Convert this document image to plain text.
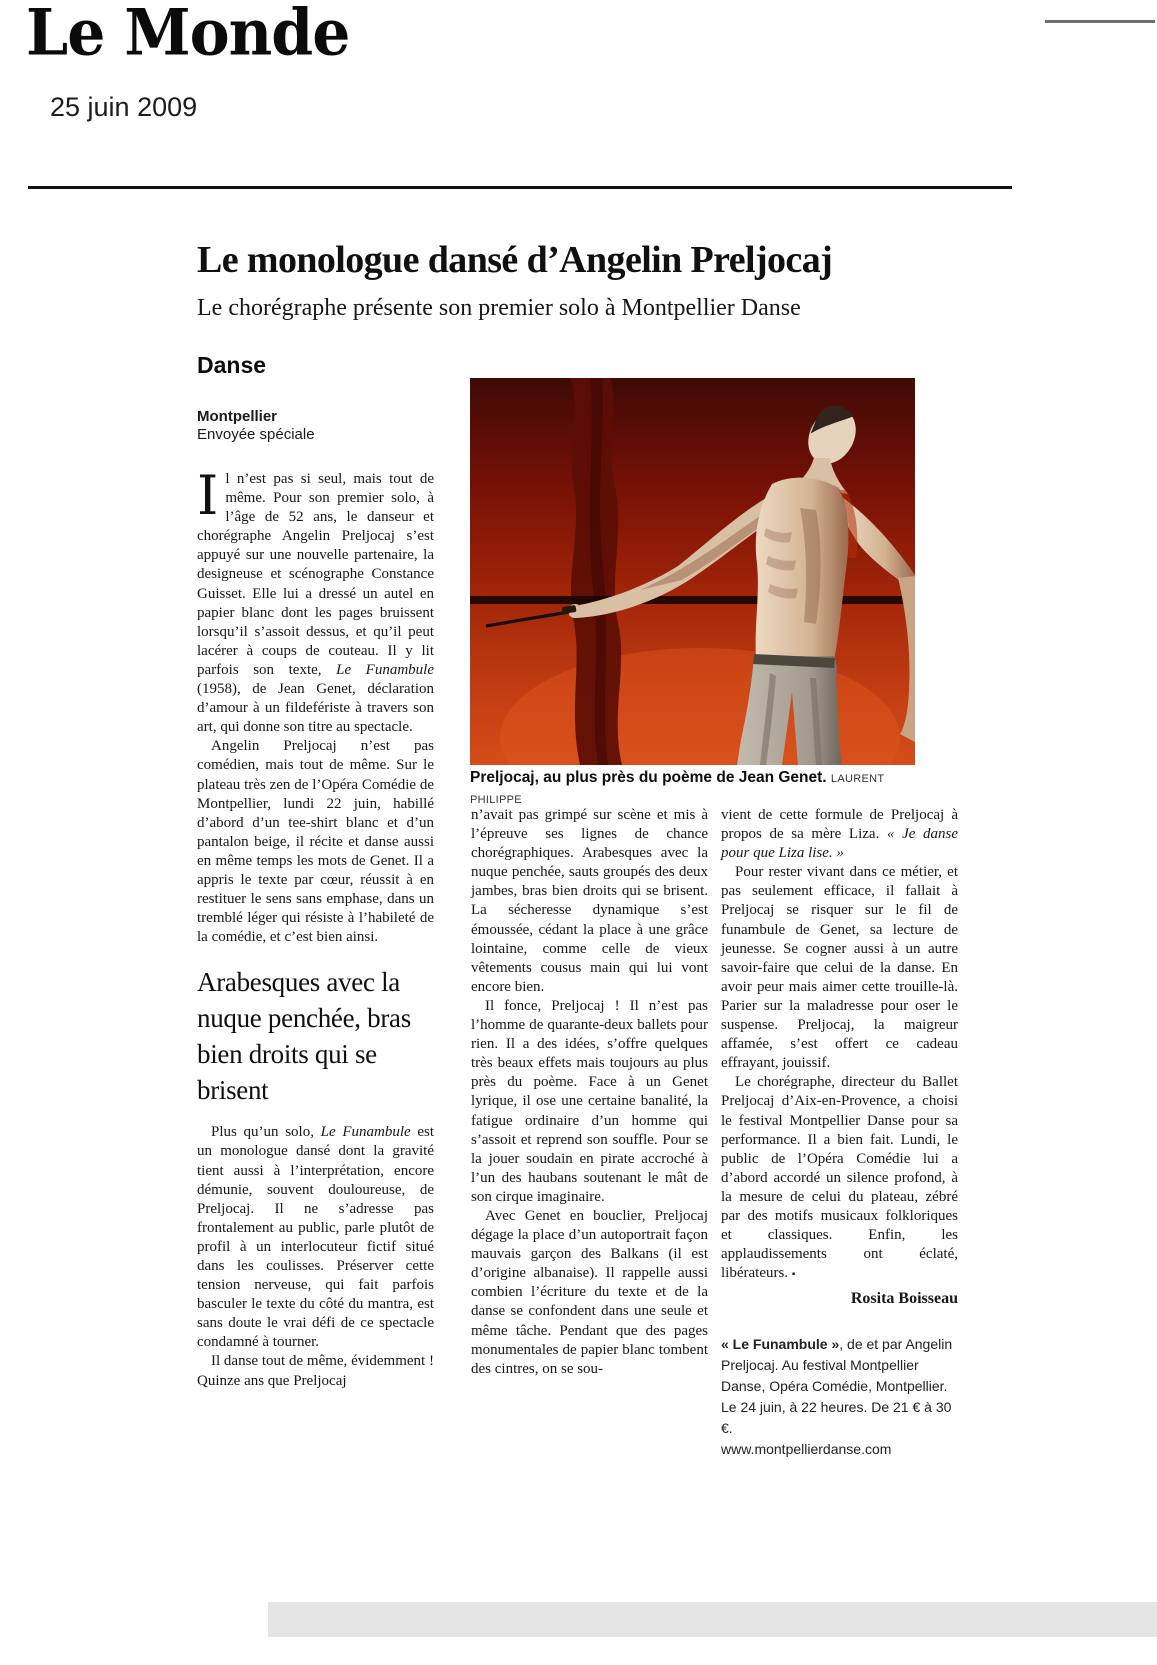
Le Monde
25 juin 2009
Le monologue dansé d’Angelin Preljocaj
Le chorégraphe présente son premier solo à Montpellier Danse
Danse
Montpellier
Envoyée spéciale

Il n’est pas si seul, mais tout de même. Pour son premier solo, à l’âge de 52 ans, le danseur et chorégraphe Angelin Preljocaj s’est appuyé sur une nouvelle partenaire, la designeuse et scénographe Constance Guisset. Elle lui a dressé un autel en papier blanc dont les pages bruissent lorsqu’il s’assoit dessus, et qu’il peut lacérer à coups de couteau. Il y lit parfois son texte, Le Funambule (1958), de Jean Genet, déclaration d’amour à un fildefériste à travers son art, qui donne son titre au spectacle.

Angelin Preljocaj n’est pas comédien, mais tout de même. Sur le plateau très zen de l’Opéra Comédie de Montpellier, lundi 22 juin, habillé d’abord d’un tee-shirt blanc et d’un pantalon beige, il récite et danse aussi en même temps les mots de Genet. Il a appris le texte par cœur, réussit à en restituer le sens sans emphase, dans un tremblé léger qui résiste à l’habileté de la comédie, et c’est bien ainsi.

Arabesques avec la nuque penchée, bras bien droits qui se brisent

Plus qu’un solo, Le Funambule est un monologue dansé dont la gravité tient aussi à l’interprétation, encore démunie, souvent douloureuse, de Preljocaj. Il ne s’adresse pas frontalement au public, parle plutôt de profil à un interlocuteur fictif situé dans les coulisses. Préserver cette tension nerveuse, qui fait parfois basculer le texte du côté du mantra, est sans doute le vrai défi de ce spectacle condamné à tourner.

Il danse tout de même, évidemment ! Quinze ans que Preljocaj

Preljocaj, au plus près du poème de Jean Genet. LAURENT PHILIPPE

n’avait pas grimpé sur scène et mis à l’épreuve ses lignes de chance chorégraphiques. Arabesques avec la nuque penchée, sauts groupés des deux jambes, bras bien droits qui se brisent. La sécheresse dynamique s’est émoussée, cédant la place à une grâce lointaine, comme celle de vieux vêtements cousus main qui lui vont encore bien.

Il fonce, Preljocaj ! Il n’est pas l’homme de quarante-deux ballets pour rien. Il a des idées, s’offre quelques très beaux effets mais toujours au plus près du poème. Face à un Genet lyrique, il ose une certaine banalité, la fatigue ordinaire d’un homme qui s’assoit et reprend son souffle. Pour se la jouer soudain en pirate accroché à l’un des haubans soutenant le mât de son cirque imaginaire.

Avec Genet en bouclier, Preljocaj dégage la place d’un autoportrait façon mauvais garçon des Balkans (il est d’origine albanaise). Il rappelle aussi combien l’écriture du texte et de la danse se confondent dans une seule et même tâche. Pendant que des pages monumentales de papier blanc tombent des cintres, on se sou-

vient de cette formule de Preljocaj à propos de sa mère Liza. « Je danse pour que Liza lise. »

Pour rester vivant dans ce métier, et pas seulement efficace, il fallait à Preljocaj se risquer sur le fil de funambule de Genet, sa lecture de jeunesse. Se cogner aussi à un autre savoir-faire que celui de la danse. En avoir peur mais aimer cette trouille-là. Parier sur la maladresse pour oser le suspense. Preljocaj, la maigreur affamée, s’est offert ce cadeau effrayant, jouissif.

Le chorégraphe, directeur du Ballet Preljocaj d’Aix-en-Provence, a choisi le festival Montpellier Danse pour sa performance. Il a bien fait. Lundi, le public de l’Opéra Comédie lui a d’abord accordé un silence profond, à la mesure de celui du plateau, zébré par des motifs musicaux folkloriques et classiques. Enfin, les applaudissements ont éclaté, libérateurs. ▪

Rosita Boisseau

« Le Funambule », de et par Angelin Preljocaj. Au festival Montpellier Danse, Opéra Comédie, Montpellier. Le 24 juin, à 22 heures. De 21 € à 30 €.
www.montpellierdanse.com
